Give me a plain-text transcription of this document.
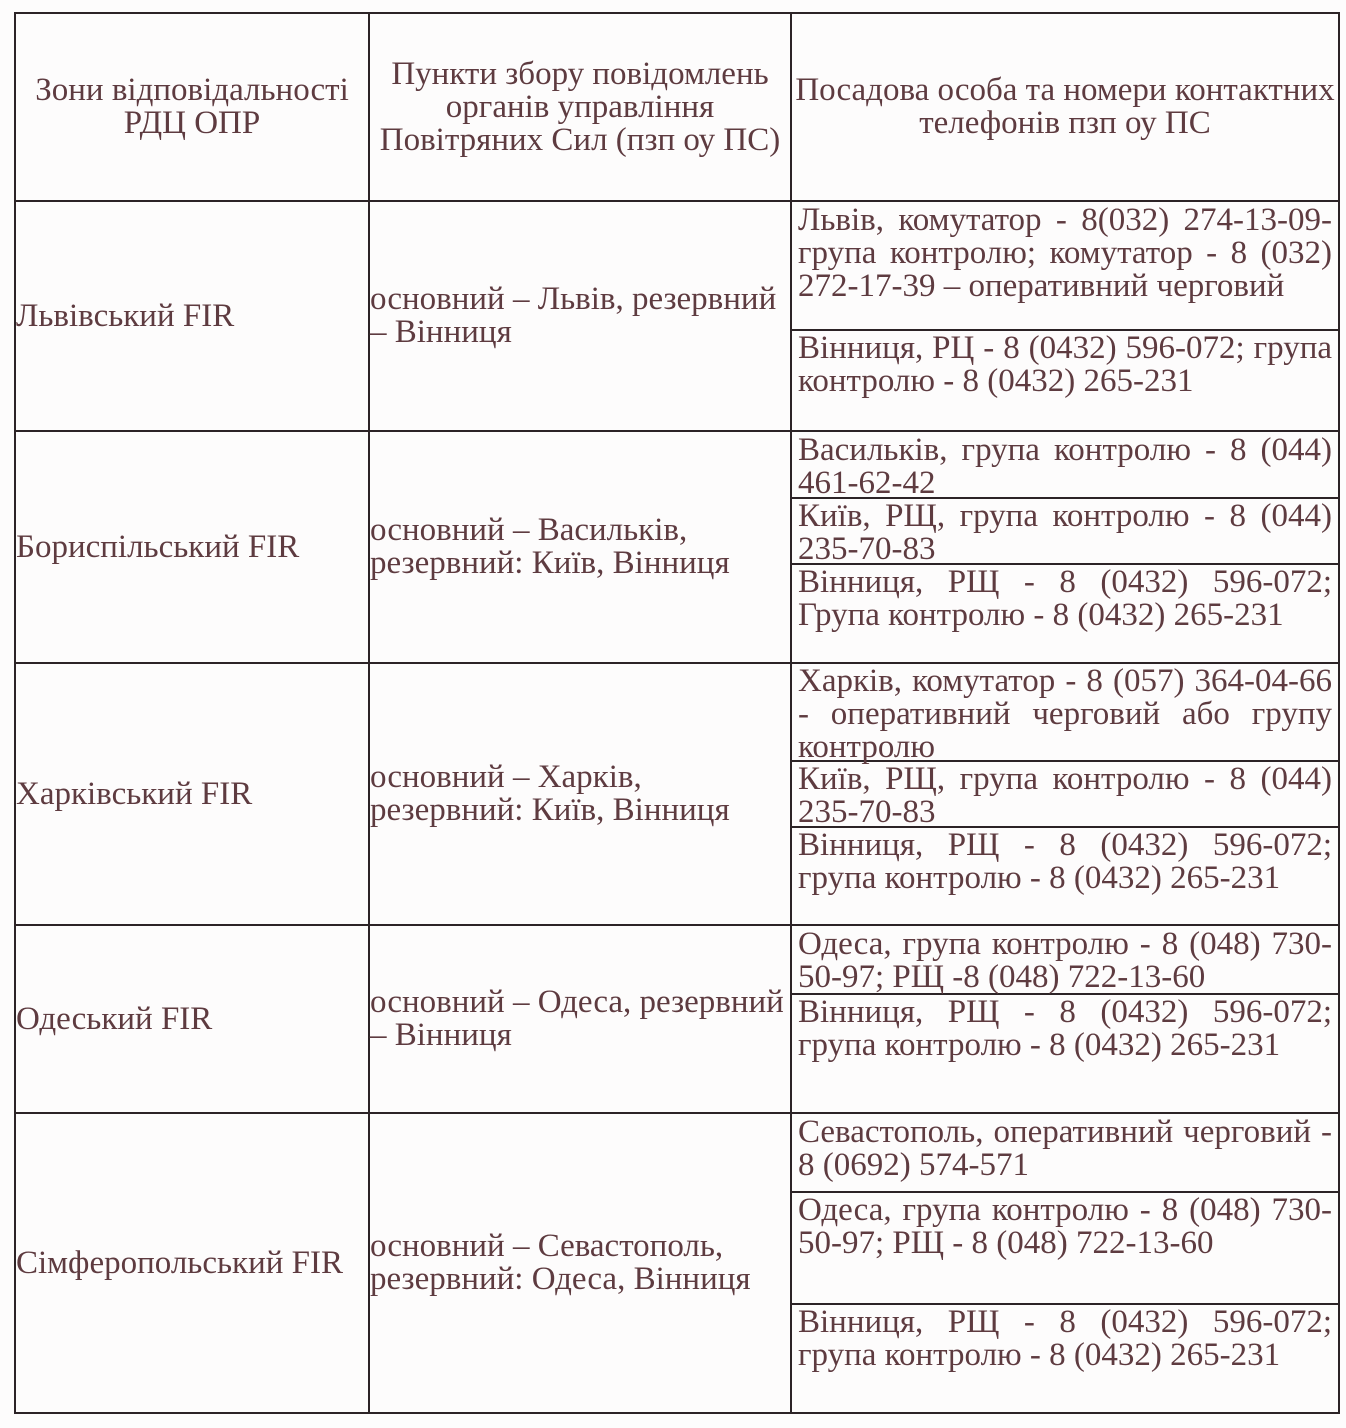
Зони відповідальності РДЦ ОПР	Пункти збору повідомлень органів управління Повітряних Сил (пзп оу ПС)	Посадова особа та номери контактних телефонів пзп оу ПС
Львівський FIR	основний – Львів, резервний – Вінниця	Львів, комутатор - 8(032) 274-13-09- група контролю; комутатор - 8 (032) 272-17-39 – оперативний черговий
Вінниця, РЦ - 8 (0432) 596-072; група контролю - 8 (0432) 265-231

Бориспільський FIR	основний – Васильків, резервний: Київ, Вінниця	Васильків, група контролю - 8 (044) 461-62-42
Київ, РЩ, група контролю - 8 (044) 235-70-83
Вінниця, РЩ - 8 (0432) 596-072; Група контролю - 8 (0432) 265-231

Харківський FIR	основний – Харків, резервний: Київ, Вінниця	Харків, комутатор - 8 (057) 364-04-66 - оперативний черговий або групу контролю
Київ, РЩ, група контролю - 8 (044) 235-70-83
Вінниця, РЩ - 8 (0432) 596-072; група контролю - 8 (0432) 265-231

Одеський FIR	основний – Одеса, резервний – Вінниця	Одеса, група контролю - 8 (048) 730-50-97; РЩ -8 (048) 722-13-60
Вінниця, РЩ - 8 (0432) 596-072; група контролю - 8 (0432) 265-231

Сімферопольський FIR	основний – Севастополь, резервний: Одеса, Вінниця	Севастополь, оперативний черговий - 8 (0692) 574-571
Одеса, група контролю - 8 (048) 730-50-97; РЩ - 8 (048) 722-13-60
Вінниця, РЩ - 8 (0432) 596-072; група контролю - 8 (0432) 265-231
